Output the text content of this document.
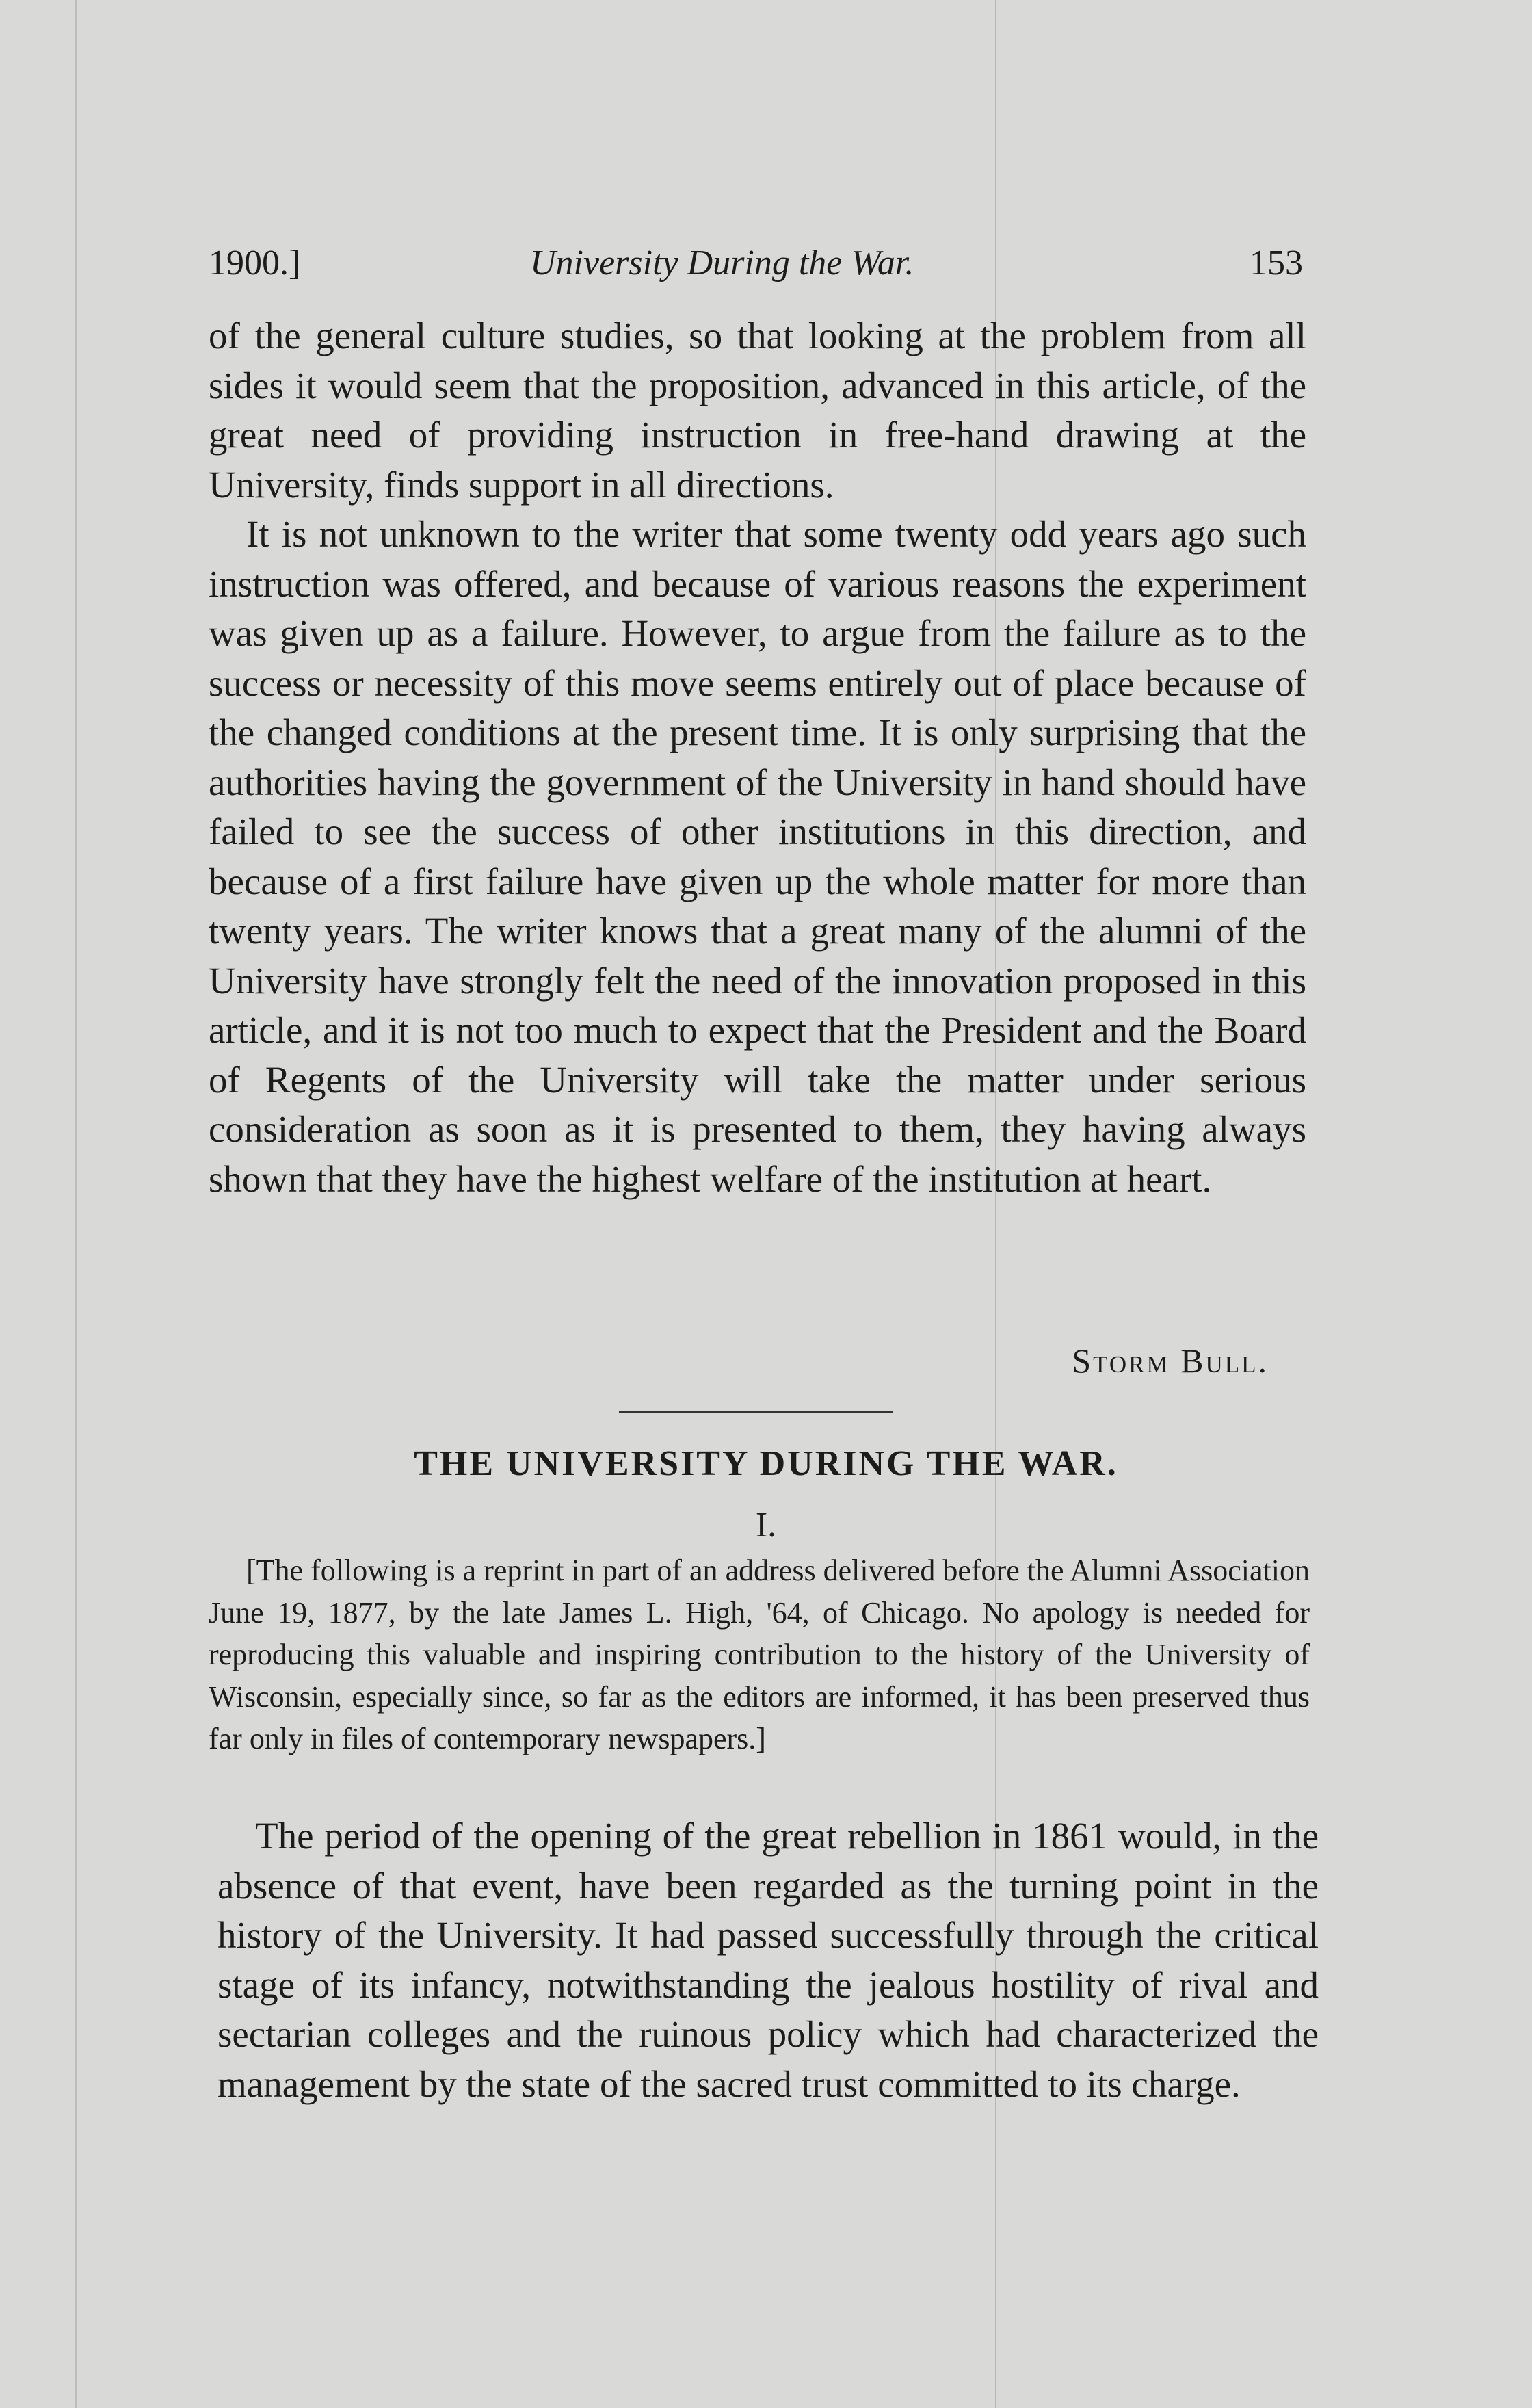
1900.]	University During the War.	153

of the general culture studies, so that looking at the problem from all sides it would seem that the proposition, advanced in this article, of the great need of providing instruction in free-hand drawing at the University, finds support in all directions.

It is not unknown to the writer that some twenty odd years ago such instruction was offered, and because of various reasons the experiment was given up as a failure. However, to argue from the failure as to the success or necessity of this move seems entirely out of place because of the changed conditions at the present time. It is only surprising that the authorities having the government of the University in hand should have failed to see the success of other institutions in this direction, and because of a first failure have given up the whole matter for more than twenty years. The writer knows that a great many of the alumni of the University have strongly felt the need of the innovation proposed in this article, and it is not too much to expect that the President and the Board of Regents of the University will take the matter under serious consideration as soon as it is presented to them, they having always shown that they have the highest welfare of the institution at heart.

Storm Bull.
THE UNIVERSITY DURING THE WAR.
I.

[The following is a reprint in part of an address delivered before the Alumni Association June 19, 1877, by the late James L. High, '64, of Chicago. No apology is needed for reproducing this valuable and inspiring contribution to the history of the University of Wisconsin, especially since, so far as the editors are informed, it has been preserved thus far only in files of contemporary newspapers.]

The period of the opening of the great rebellion in 1861 would, in the absence of that event, have been regarded as the turning point in the history of the University. It had passed successfully through the critical stage of its infancy, notwithstanding the jealous hostility of rival and sectarian colleges and the ruinous policy which had characterized the management by the state of the sacred trust committed to its charge.
